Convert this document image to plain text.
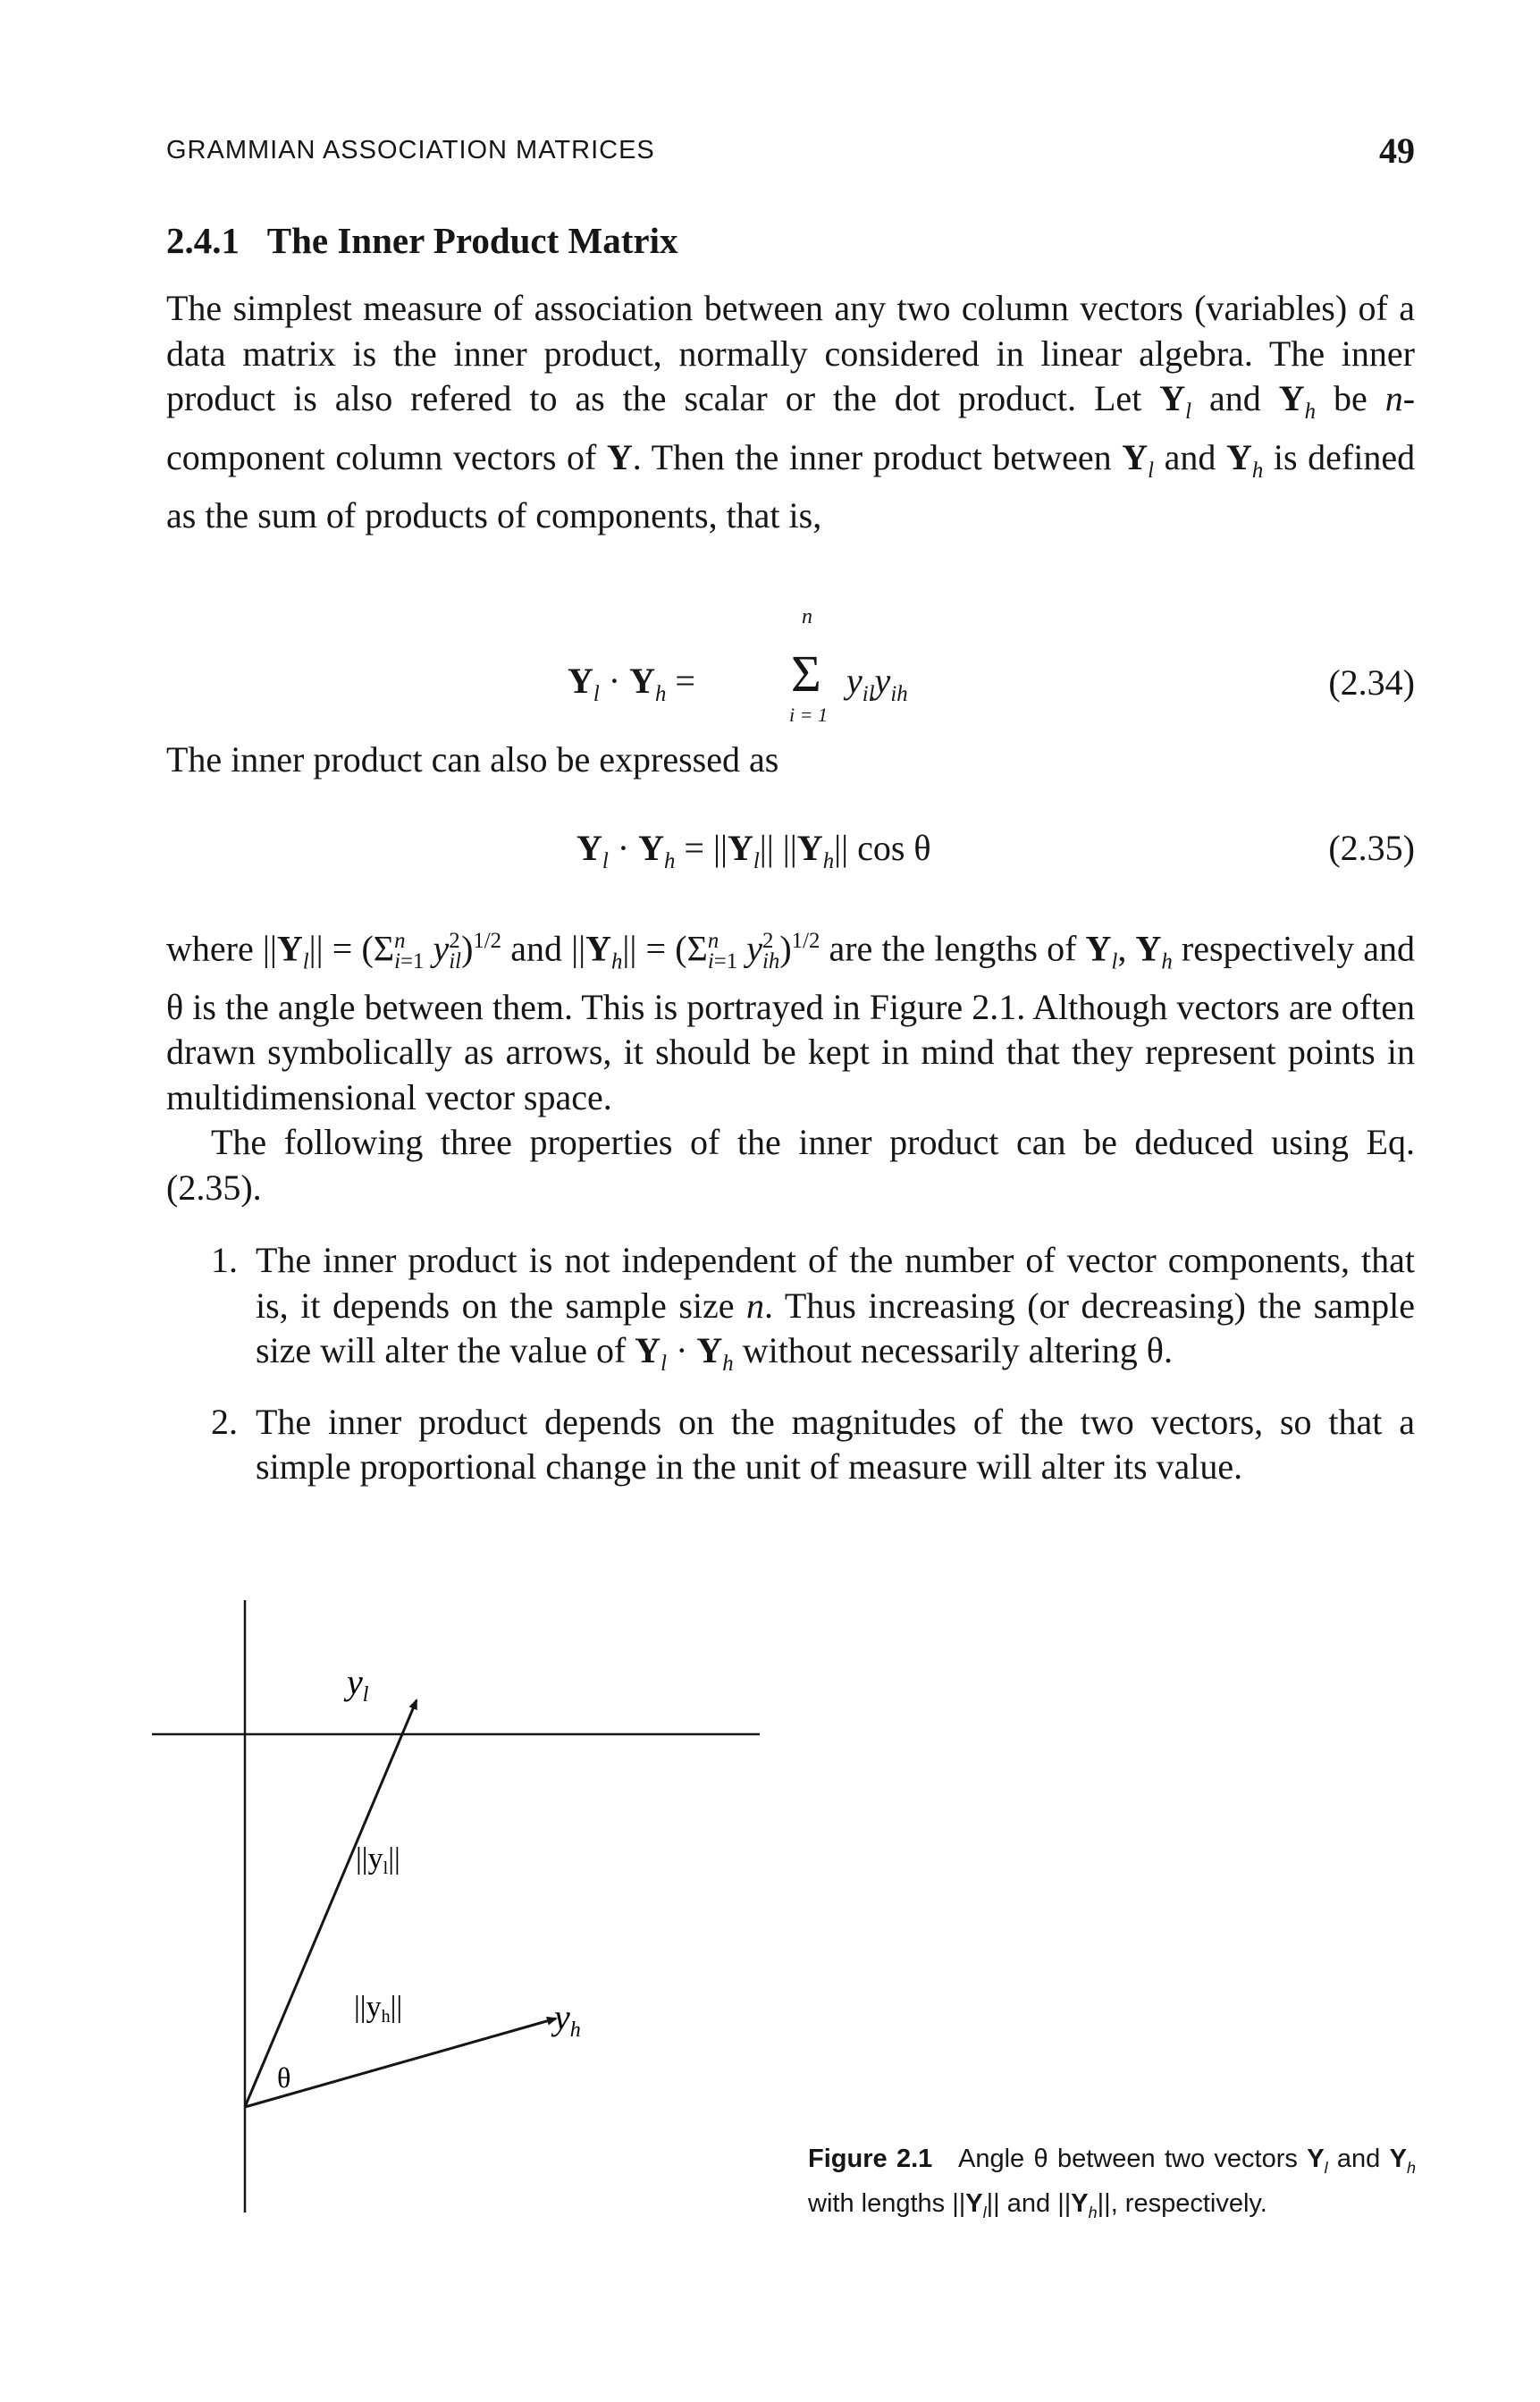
GRAMMIAN ASSOCIATION MATRICES	49
2.4.1 The Inner Product Matrix

The simplest measure of association between any two column vectors (variables) of a data matrix is the inner product, normally considered in linear algebra. The inner product is also refered to as the scalar or the dot product. Let $Y_l$ and $Y_h$ be n-component column vectors of Y. Then the inner product between $Y_l$ and $Y_h$ is defined as the sum of products of components, that is,

$Y_l \cdot Y_h = \Sigma$
n
i = 1
$y_{il}y_{ih}$	(2.34)

The inner product can also be expressed as

$Y_l \cdot Y_h = ||Y_l||$ $||Y_h||$ cos θ	(2.35)

where $||Y_l|| = (\Sigma^n_{i=1}$ $y^2_{il})^{1/2}$ and $||Y_h|| = (\Sigma^n_{i=1}$ $y^2_{ih})^{1/2}$ are the lengths of $Y_l$, $Y_h$ respectively and θ is the angle between them. This is portrayed in Figure 2.1. Although vectors are often drawn symbolically as arrows, it should be kept in mind that they represent points in multidimensional vector space.

The following three properties of the inner product can be deduced using Eq. (2.35).

1. The inner product is not independent of the number of vector components, that is, it depends on the sample size n. Thus increasing (or decreasing) the sample size will alter the value of $Y_l \cdot Y_h$ without necessarily altering θ.
2. The inner product depends on the magnitudes of the two vectors, so that a simple proportional change in the unit of measure will alter its value.
$y_l$
||yl||
||yh||	$y_h$
θ
Figure 2.1 Angle θ between two vectors $Y_l$ and $Y_h$ with lengths $||Y_l||$ and $||Y_h||$, respectively.
